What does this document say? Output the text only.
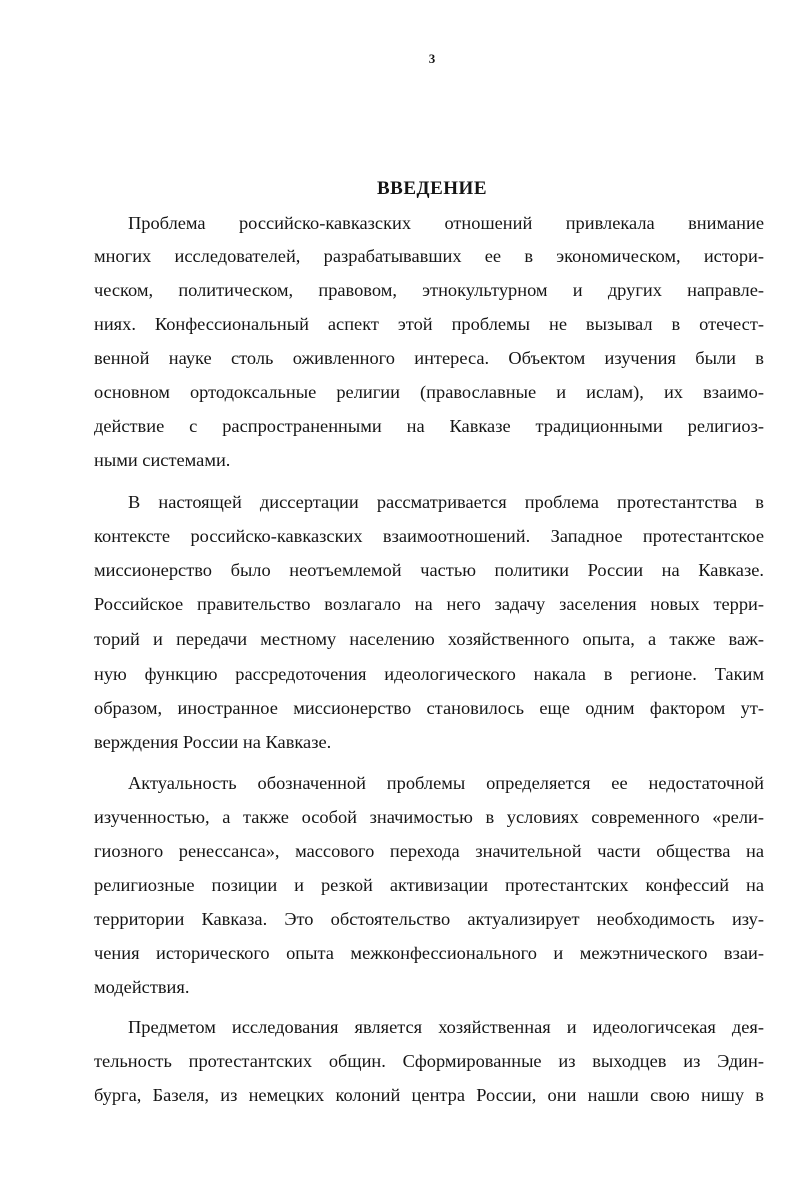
3
ВВЕДЕНИЕ
Проблема российско-кавказских отношений привлекала внимание
многих исследователей, разрабатывавших ее в экономическом, истори-
ческом, политическом, правовом, этнокультурном и других направле-
ниях. Конфессиональный аспект этой проблемы не вызывал в отечест-
венной науке столь оживленного интереса. Объектом изучения были в
основном ортодоксальные религии (православные и ислам), их взаимо-
действие с распространенными на Кавказе традиционными религиоз-
ными системами.
В настоящей диссертации рассматривается проблема протестантства в
контексте российско-кавказских взаимоотношений. Западное протестантское
миссионерство было неотъемлемой частью политики России на Кавказе.
Российское правительство возлагало на него задачу заселения новых терри-
торий и передачи местному населению хозяйственного опыта, а также важ-
ную функцию рассредоточения идеологического накала в регионе. Таким
образом, иностранное миссионерство становилось еще одним фактором ут-
верждения России на Кавказе.
Актуальность обозначенной проблемы определяется ее недостаточной
изученностью, а также особой значимостью в условиях современного «рели-
гиозного ренессанса», массового перехода значительной части общества на
религиозные позиции и резкой активизации протестантских конфессий на
территории Кавказа. Это обстоятельство актуализирует необходимость изу-
чения исторического опыта межконфессионального и межэтнического взаи-
модействия.
Предметом исследования является хозяйственная и идеологичсекая дея-
тельность протестантских общин. Сформированные из выходцев из Эдин-
бурга, Базеля, из немецких колоний центра России, они нашли свою нишу в
